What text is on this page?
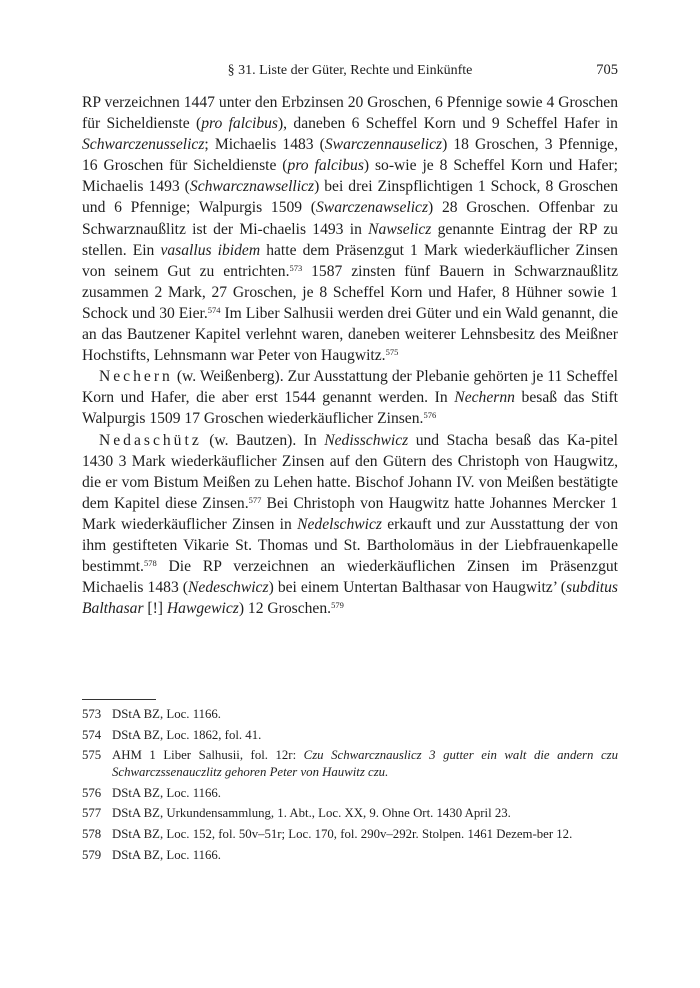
§ 31. Liste der Güter, Rechte und Einkünfte	705

RP verzeichnen 1447 unter den Erbzinsen 20 Groschen, 6 Pfennige sowie 4 Groschen für Sicheldienste (pro falcibus), daneben 6 Scheffel Korn und 9 Scheffel Hafer in Schwarczenusselicz; Michaelis 1483 (Swarczennauselicz) 18 Groschen, 3 Pfennige, 16 Groschen für Sicheldienste (pro falcibus) so-wie je 8 Scheffel Korn und Hafer; Michaelis 1493 (Schwarcznawsellicz) bei drei Zinspflichtigen 1 Schock, 8 Groschen und 6 Pfennige; Walpurgis 1509 (Swarczenawselicz) 28 Groschen. Offenbar zu Schwarznaußlitz ist der Mi-chaelis 1493 in Nawselicz genannte Eintrag der RP zu stellen. Ein vasallus ibidem hatte dem Präsenzgut 1 Mark wiederkäuflicher Zinsen von seinem Gut zu entrichten.$^{573}$ 1587 zinsten fünf Bauern in Schwarznaußlitz zusammen 2 Mark, 27 Groschen, je 8 Scheffel Korn und Hafer, 8 Hühner sowie 1 Schock und 30 Eier.$^{574}$ Im Liber Salhusii werden drei Güter und ein Wald genannt, die an das Bautzener Kapitel verlehnt waren, daneben weiterer Lehnsbesitz des Meißner Hochstifts, Lehnsmann war Peter von Haugwitz.$^{575}$

Nechern (w. Weißenberg). Zur Ausstattung der Plebanie gehörten je 11 Scheffel Korn und Hafer, die aber erst 1544 genannt werden. In Nechernn besaß das Stift Walpurgis 1509 17 Groschen wiederkäuflicher Zinsen.$^{576}$

Nedaschütz (w. Bautzen). In Nedisschwicz und Stacha besaß das Ka-pitel 1430 3 Mark wiederkäuflicher Zinsen auf den Gütern des Christoph von Haugwitz, die er vom Bistum Meißen zu Lehen hatte. Bischof Johann IV. von Meißen bestätigte dem Kapitel diese Zinsen.$^{577}$ Bei Christoph von Haugwitz hatte Johannes Mercker 1 Mark wiederkäuflicher Zinsen in Nedelschwicz erkauft und zur Ausstattung der von ihm gestifteten Vikarie St. Thomas und St. Bartholomäus in der Liebfrauenkapelle bestimmt.$^{578}$ Die RP verzeichnen an wiederkäuflichen Zinsen im Präsenzgut Michaelis 1483 (Nedeschwicz) bei einem Untertan Balthasar von Haugwitz’ (subditus Balthasar [!] Hawgewicz) 12 Groschen.$^{579}$

573 DStA BZ, Loc. 1166.
574 DStA BZ, Loc. 1862, fol. 41.
575 AHM 1 Liber Salhusii, fol. 12r: Czu Schwarcznauslicz 3 gutter ein walt die andern czu Schwarczssenauczlitz gehoren Peter von Hauwitz czu.
576 DStA BZ, Loc. 1166.
577 DStA BZ, Urkundensammlung, 1. Abt., Loc. XX, 9. Ohne Ort. 1430 April 23.
578 DStA BZ, Loc. 152, fol. 50v–51r; Loc. 170, fol. 290v–292r. Stolpen. 1461 Dezem-ber 12.
579 DStA BZ, Loc. 1166.
